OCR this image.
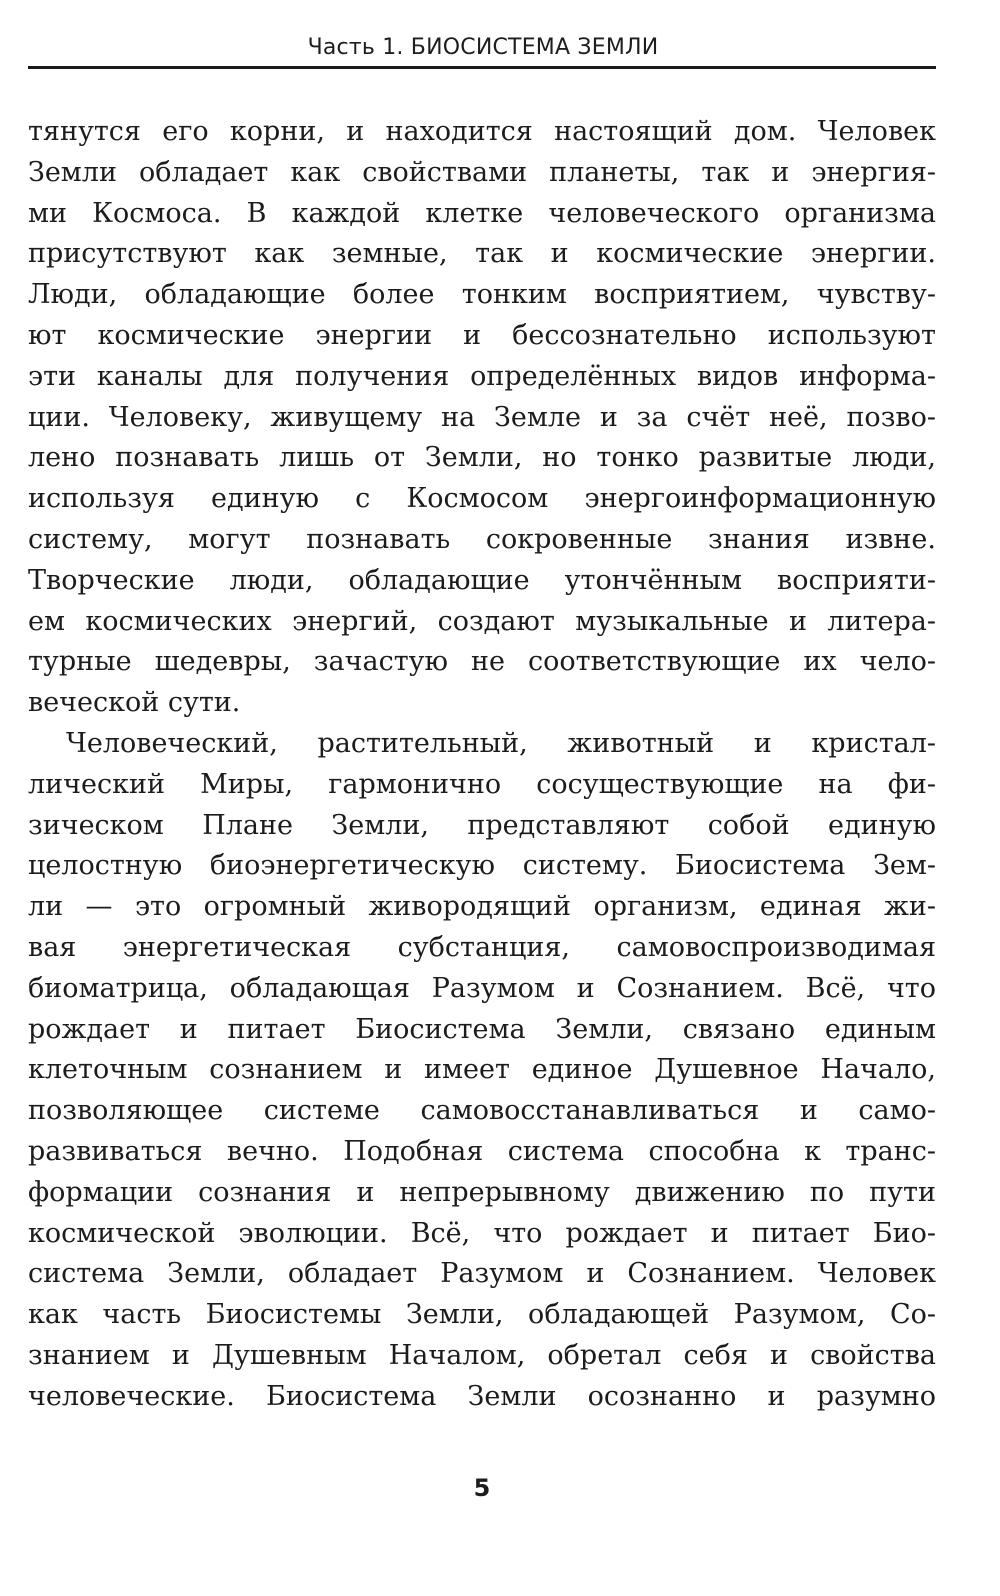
Часть 1. БИОСИСТЕМА ЗЕМЛИ
тянутся его корни, и находится настоящий дом. Человек
Земли обладает как свойствами планеты, так и энергия-
ми Космоса. В каждой клетке человеческого организма
присутствуют как земные, так и космические энергии.
Люди, обладающие более тонким восприятием, чувству-
ют космические энергии и бессознательно используют
эти каналы для получения определённых видов информа-
ции. Человеку, живущему на Земле и за счёт неё, позво-
лено познавать лишь от Земли, но тонко развитые люди,
используя единую с Космосом энергоинформационную
систему, могут познавать сокровенные знания извне.
Творческие люди, обладающие утончённым восприяти-
ем космических энергий, создают музыкальные и литера-
турные шедевры, зачастую не соответствующие их чело-
веческой сути.
Человеческий, растительный, животный и кристал-
лический Миры, гармонично сосуществующие на фи-
зическом Плане Земли, представляют собой единую
целостную биоэнергетическую систему. Биосистема Зем-
ли — это огромный живородящий организм, единая жи-
вая энергетическая субстанция, самовоспроизводимая
биоматрица, обладающая Разумом и Сознанием. Всё, что
рождает и питает Биосистема Земли, связано единым
клеточным сознанием и имеет единое Душевное Начало,
позволяющее системе самовосстанавливаться и само-
развиваться вечно. Подобная система способна к транс-
формации сознания и непрерывному движению по пути
космической эволюции. Всё, что рождает и питает Био-
система Земли, обладает Разумом и Сознанием. Человек
как часть Биосистемы Земли, обладающей Разумом, Со-
знанием и Душевным Началом, обретал себя и свойства
человеческие. Биосистема Земли осознанно и разумно
5
